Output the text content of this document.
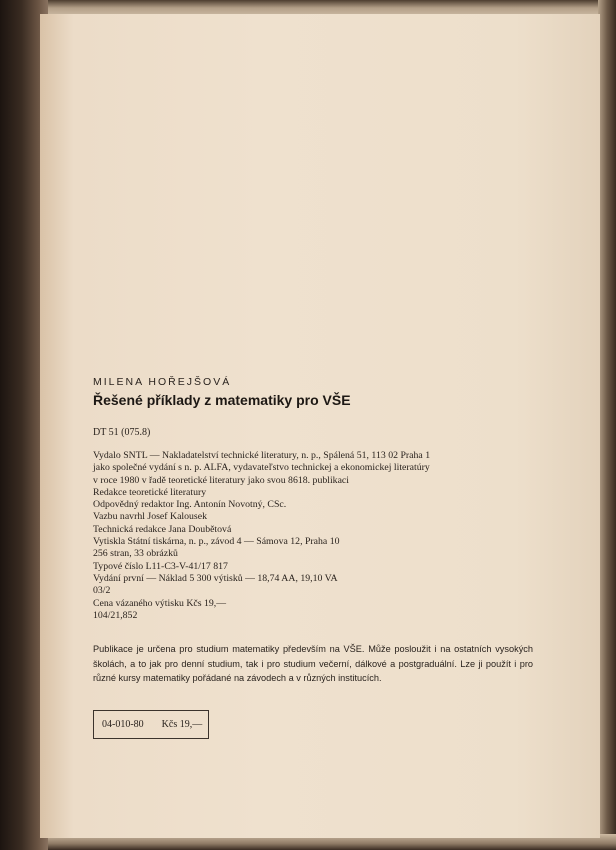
MILENA HOŘEJŠOVÁ
Řešené příklady z matematiky pro VŠE
DT 51 (075.8)
Vydalo SNTL — Nakladatelství technické literatury, n. p., Spálená 51, 113 02 Praha 1
jako společné vydání s n. p. ALFA, vydavateľstvo technickej a ekonomickej literatúry
v roce 1980 v řadě teoretické literatury jako svou 8618. publikaci
Redakce teoretické literatury
Odpovědný redaktor Ing. Antonín Novotný, CSc.
Vazbu navrhl Josef Kalousek
Technická redakce Jana Doubětová
Vytiskla Státní tiskárna, n. p., závod 4 — Sámova 12, Praha 10
256 stran, 33 obrázků
Typové číslo L11-C3-V-41/17 817
Vydání první — Náklad 5 300 výtisků — 18,74 AA, 19,10 VA
03/2
Cena vázaného výtisku Kčs 19,—
104/21,852
Publikace je určena pro studium matematiky především na VŠE. Může posloužit i na ostatních vysokých školách, a to jak pro denní studium, tak i pro studium večerní, dálkové a postgraduální. Lze ji použít i pro různé kursy matematiky pořádané na závodech a v různých institucích.
04-010-80 Kčs 19,—
